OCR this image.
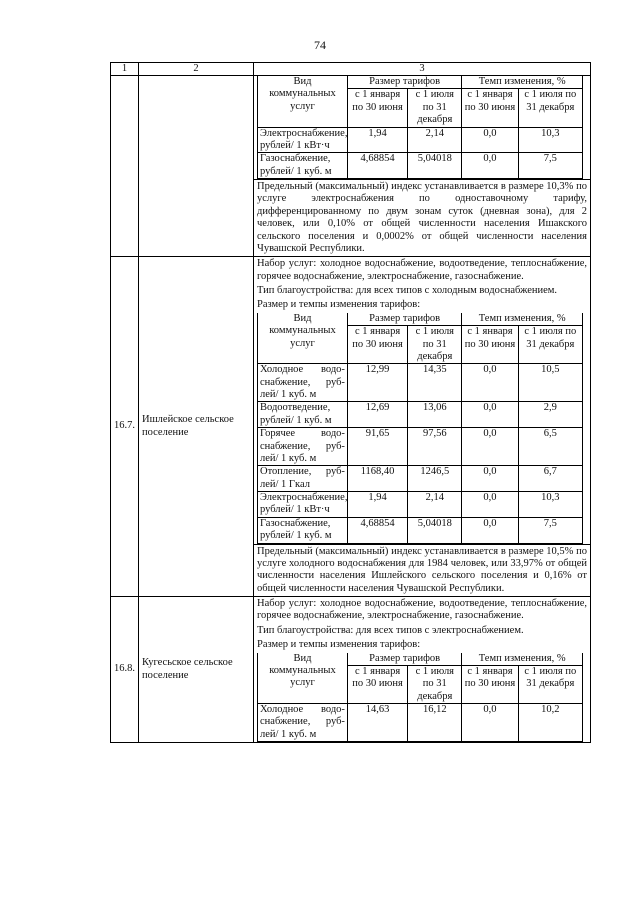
74
1	2	3

Вид коммунальных услуг	Размер тарифов	Темп изменения, %
с 1 января по 30 июня	с 1 июля по 31 декабря	с 1 января по 30 июня	с 1 июля по 31 декабря

Электроснабжение,
рублей/ 1 кВт·ч
	1,94	2,14	0,0	10,3

Газоснабжение,
рублей/ 1 куб. м
	4,68854	5,04018	0,0	7,5
Предельный (максимальный) индекс устанавливается в размере 10,3% по услуге электроснабжения по одноставочному тарифу, дифференцированному по двум зонам суток (дневная зона), для 2 человек, или 0,10% от общей численности населения Ишакского сельского поселения и 0,0002% от общей численности населения Чувашской Республики.

16.7.	Ишлейское сельское поселение	
Набор услуг: холодное водоснабжение, водоотведение, теплоснабжение, горячее водоснабжение, электроснабжение, газоснабжение.
Тип благоустройства: для всех типов с холодным водоснабжением.
Размер и темпы изменения тарифов:
Вид коммунальных услуг	Размер тарифов	Темп изменения, %
с 1 января по 30 июня	с 1 июля по 31 декабря	с 1 января по 30 июня	с 1 июля по 31 декабря

Холодное водо-
снабжение, руб-
лей/ 1 куб. м
	12,99	14,35	0,0	10,5

Водоотведение,
рублей/ 1 куб. м
	12,69	13,06	0,0	2,9

Горячее водо-
снабжение, руб-
лей/ 1 куб. м
	91,65	97,56	0,0	6,5

Отопление, руб-
лей/ 1 Гкал
	1168,40	1246,5	0,0	6,7

Электроснабжение,
рублей/ 1 кВт·ч
	1,94	2,14	0,0	10,3

Газоснабжение,
рублей/ 1 куб. м
	4,68854	5,04018	0,0	7,5
Предельный (максимальный) индекс устанавливается в размере 10,5% по услуге холодного водоснабжения для 1984 человек, или 33,97% от общей численности населения Ишлейского сельского поселения и 0,16% от общей численности населения Чувашской Республики.

16.8.	Кугесьское сельское поселение	
Набор услуг: холодное водоснабжение, водоотведение, теплоснабжение, горячее водоснабжение, электроснабжение, газоснабжение.
Тип благоустройства: для всех типов с электроснабжением.
Размер и темпы изменения тарифов:
Вид коммунальных услуг	Размер тарифов	Темп изменения, %
с 1 января по 30 июня	с 1 июля по 31 декабря	с 1 января по 30 июня	с 1 июля по 31 декабря

Холодное водо-
снабжение, руб-
лей/ 1 куб. м
	14,63	16,12	0,0	10,2
